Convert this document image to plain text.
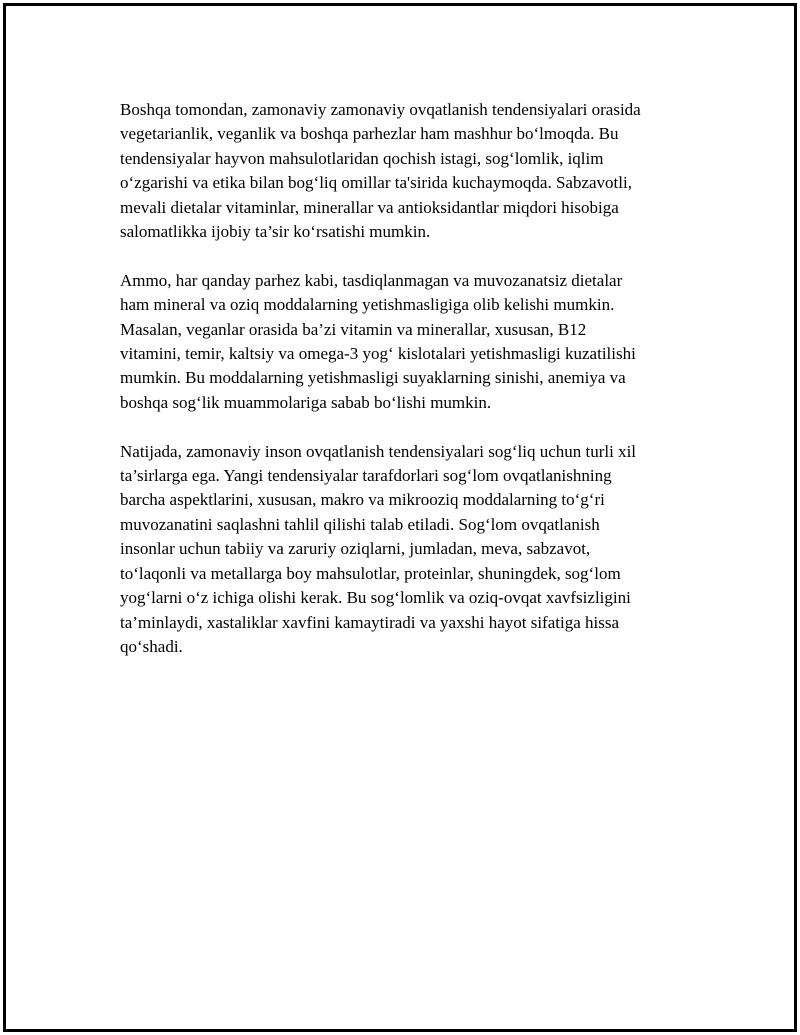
Boshqa tomondan, zamonaviy zamonaviy ovqatlanish tendensiyalari orasida
vegetarianlik, veganlik va boshqa parhezlar ham mashhur bo‘lmoqda. Bu
tendensiyalar hayvon mahsulotlaridan qochish istagi, sog‘lomlik, iqlim
o‘zgarishi va etika bilan bog‘liq omillar ta'sirida kuchaymoqda. Sabzavotli,
mevali dietalar vitaminlar, minerallar va antioksidantlar miqdori hisobiga
salomatlikka ijobiy ta’sir ko‘rsatishi mumkin.

Ammo, har qanday parhez kabi, tasdiqlanmagan va muvozanatsiz dietalar
ham mineral va oziq moddalarning yetishmasligiga olib kelishi mumkin.
Masalan, veganlar orasida ba’zi vitamin va minerallar, xususan, B12
vitamini, temir, kaltsiy va omega-3 yog‘ kislotalari yetishmasligi kuzatilishi
mumkin. Bu moddalarning yetishmasligi suyaklarning sinishi, anemiya va
boshqa sog‘lik muammolariga sabab bo‘lishi mumkin.

Natijada, zamonaviy inson ovqatlanish tendensiyalari sog‘liq uchun turli xil
ta’sirlarga ega. Yangi tendensiyalar tarafdorlari sog‘lom ovqatlanishning
barcha aspektlarini, xususan, makro va mikrooziq moddalarning to‘g‘ri
muvozanatini saqlashni tahlil qilishi talab etiladi. Sog‘lom ovqatlanish
insonlar uchun tabiiy va zaruriy oziqlarni, jumladan, meva, sabzavot,
to‘laqonli va metallarga boy mahsulotlar, proteinlar, shuningdek, sog‘lom
yog‘larni o‘z ichiga olishi kerak. Bu sog‘lomlik va oziq-ovqat xavfsizligini
ta’minlaydi, xastaliklar xavfini kamaytiradi va yaxshi hayot sifatiga hissa
qo‘shadi.
